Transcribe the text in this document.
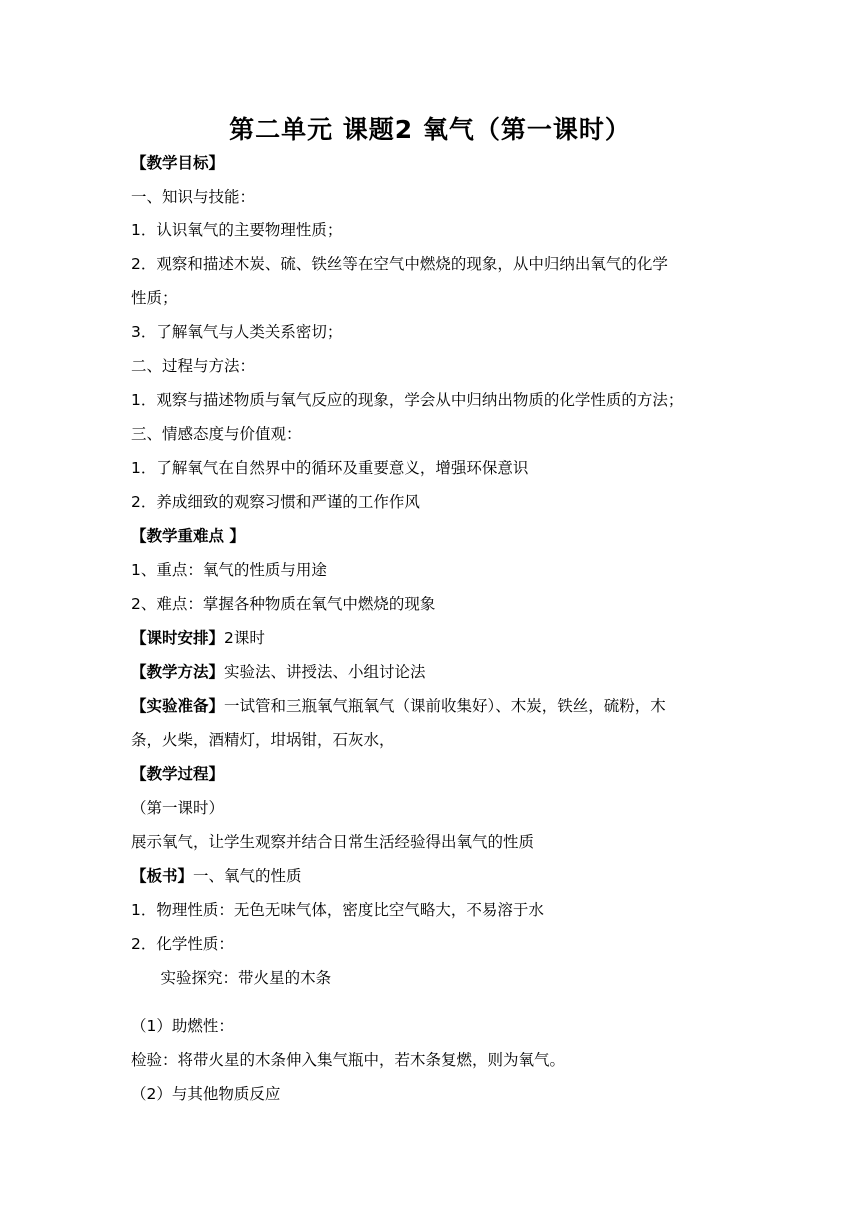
第二单元 课题2 氧气（第一课时）
【教学目标】
一、知识与技能：
1．认识氧气的主要物理性质；
2．观察和描述木炭、硫、铁丝等在空气中燃烧的现象，从中归纳出氧气的化学
性质；
3．了解氧气与人类关系密切；
二、过程与方法：
1．观察与描述物质与氧气反应的现象，学会从中归纳出物质的化学性质的方法；
三、情感态度与价值观：
1．了解氧气在自然界中的循环及重要意义，增强环保意识
2．养成细致的观察习惯和严谨的工作作风
【教学重难点 】
1、重点：氧气的性质与用途
2、难点：掌握各种物质在氧气中燃烧的现象
【课时安排】2课时
【教学方法】实验法、讲授法、小组讨论法
【实验准备】一试管和三瓶氧气瓶氧气（课前收集好）、木炭，铁丝，硫粉，木
条，火柴，酒精灯，坩埚钳，石灰水，
【教学过程】
（第一课时）
展示氧气，让学生观察并结合日常生活经验得出氧气的性质
【板书】一、氧气的性质
1．物理性质：无色无味气体，密度比空气略大，不易溶于水
2．化学性质：
实验探究：带火星的木条
（1）助燃性：
检验：将带火星的木条伸入集气瓶中，若木条复燃，则为氧气。
（2）与其他物质反应
